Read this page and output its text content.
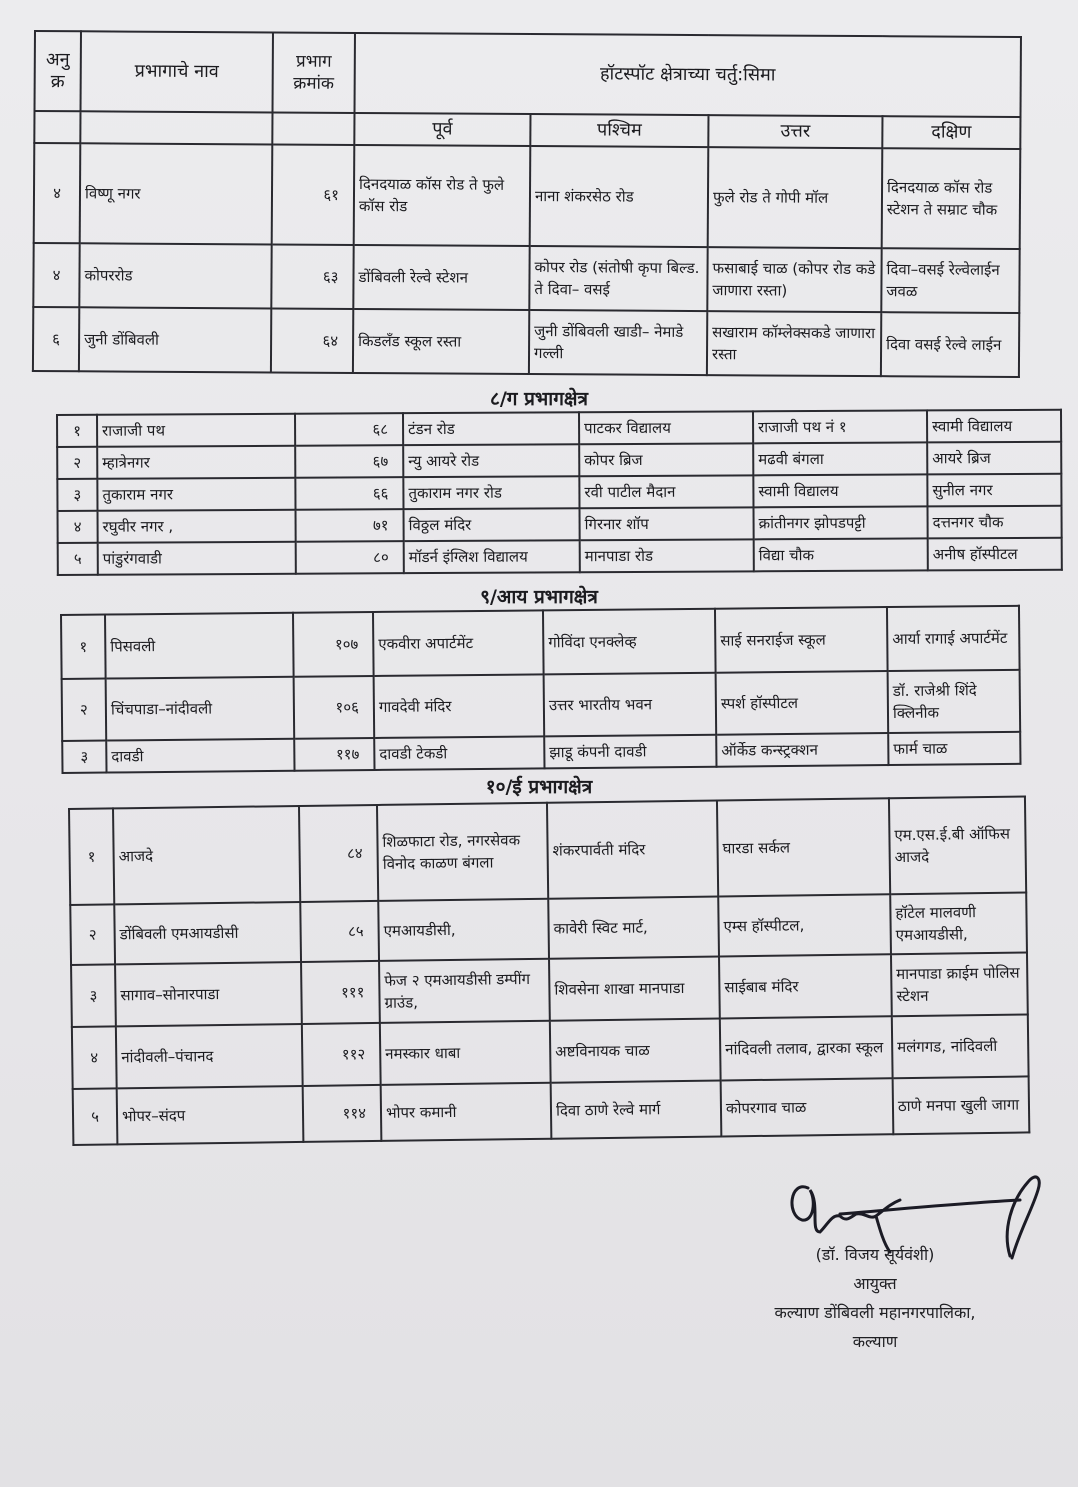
अनु क्र	प्रभागाचे नाव	प्रभाग क्रमांक	हॉटस्पॉट क्षेत्राच्या चर्तु:सिमा			
			पूर्व	पश्चिम	उत्तर	दक्षिण
४	विष्णू नगर	६१	दिनदयाळ कॉस रोड ते फुले कॉस रोड	नाना शंकरसेठ रोड	फुले रोड ते गोपी मॉल	दिनदयाळ कॉस रोड स्टेशन ते सम्राट चौक
४	कोपररोड	६३	डोंबिवली रेल्वे स्टेशन	कोपर रोड (संतोषी कृपा बिल्ड. ते दिवा– वसई	फसाबाई चाळ (कोपर रोड कडे जाणारा रस्ता)	दिवा–वसई रेल्वेलाईन जवळ
६	जुनी डोंबिवली	६४	किडलॅंड स्कूल रस्ता	जुनी डोंबिवली खाडी– नेमाडे गल्ली	सखाराम कॉम्लेक्सकडे जाणारा रस्ता	दिवा वसई रेल्वे लाईन
८/ग प्रभागक्षेत्र
१	राजाजी पथ	६८	टंडन रोड	पाटकर विद्यालय	राजाजी पथ नं १	स्वामी विद्यालय
२	म्हात्रेनगर	६७	न्यु आयरे रोड	कोपर ब्रिज	मढवी बंगला	आयरे ब्रिज
३	तुकाराम नगर	६६	तुकाराम नगर रोड	रवी पाटील मैदान	स्वामी विद्यालय	सुनील नगर
४	रघुवीर नगर ,	७१	विठ्ठल मंदिर	गिरनार शॉप	क्रांतीनगर झोपडपट्टी	दत्तनगर चौक
५	पांडुरंगवाडी	८०	मॉडर्न इंग्लिश विद्यालय	मानपाडा रोड	विद्या चौक	अनीष हॉस्पीटल
९/आय प्रभागक्षेत्र
१	पिसवली	१०७	एकवीरा अपार्टमेंट	गोविंदा एनक्लेव्ह	साई सनराईज स्कूल	आर्या रागाई अपार्टमेंट
२	चिंचपाडा–नांदीवली	१०६	गावदेवी मंदिर	उत्तर भारतीय भवन	स्पर्श हॉस्पीटल	डॉ. राजेश्री शिंदे क्लिनीक
३	दावडी	११७	दावडी टेकडी	झाडू कंपनी दावडी	ऑर्केड कन्स्ट्रक्शन	फार्म चाळ
१०/ई प्रभागक्षेत्र
१	आजदे	८४	शिळफाटा रोड, नगरसेवक विनोद काळण बंगला	शंकरपार्वती मंदिर	घारडा सर्कल	एम.एस.ई.बी ऑफिस आजदे
२	डोंबिवली एमआयडीसी	८५	एमआयडीसी,	कावेरी स्विट मार्ट,	एम्स हॉस्पीटल,	हॉटेल मालवणी एमआयडीसी,
३	सागाव–सोनारपाडा	१११	फेज २ एमआयडीसी डम्पींग ग्राउंड,	शिवसेना शाखा मानपाडा	साईबाब मंदिर	मानपाडा क्राईम पोलिस स्टेशन
४	नांदीवली–पंचानद	११२	नमस्कार धाबा	अष्टविनायक चाळ	नांदिवली तलाव, द्वारका स्कूल	मलंगगड, नांदिवली
५	भोपर–संदप	११४	भोपर कमानी	दिवा ठाणे रेल्वे मार्ग	कोपरगाव चाळ	ठाणे मनपा खुली जागा
(डॉ. विजय सूर्यवंशी)
आयुक्त
कल्याण डोंबिवली महानगरपालिका,
कल्याण
